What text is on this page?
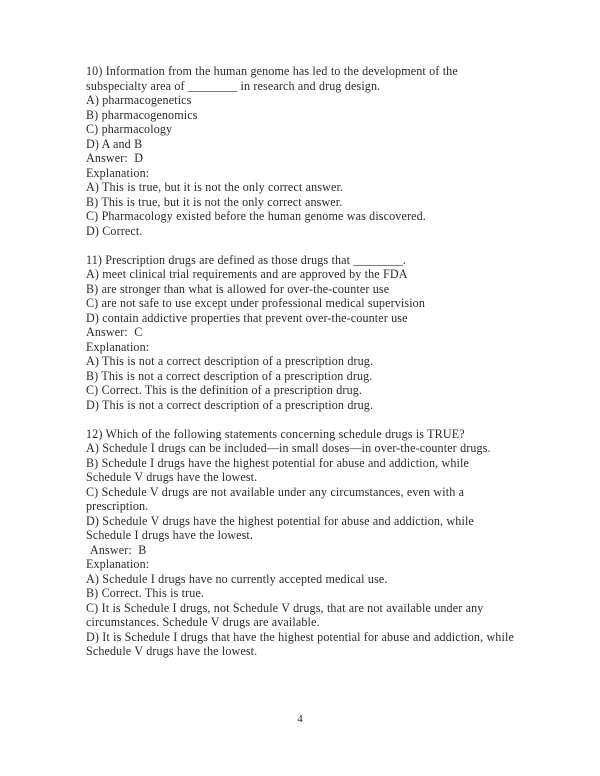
10) Information from the human genome has led to the development of the subspecialty area of ________ in research and drug design.

A) pharmacogenetics

B) pharmacogenomics

C) pharmacology

D) A and B

Answer:  D

Explanation:

A) This is true, but it is not the only correct answer.

B) This is true, but it is not the only correct answer.

C) Pharmacology existed before the human genome was discovered.

D) Correct.

11) Prescription drugs are defined as those drugs that ________.

A) meet clinical trial requirements and are approved by the FDA

B) are stronger than what is allowed for over-the-counter use

C) are not safe to use except under professional medical supervision

D) contain addictive properties that prevent over-the-counter use

Answer:  C

Explanation:

A) This is not a correct description of a prescription drug.

B) This is not a correct description of a prescription drug.

C) Correct. This is the definition of a prescription drug.

D) This is not a correct description of a prescription drug.

12) Which of the following statements concerning schedule drugs is TRUE?

A) Schedule I drugs can be included—in small doses—in over-the-counter drugs.

B) Schedule I drugs have the highest potential for abuse and addiction, while Schedule V drugs have the lowest.

C) Schedule V drugs are not available under any circumstances, even with a prescription.

D) Schedule V drugs have the highest potential for abuse and addiction, while Schedule I drugs have the lowest.

Answer:  B

Explanation:

A) Schedule I drugs have no currently accepted medical use.

B) Correct. This is true.

C) It is Schedule I drugs, not Schedule V drugs, that are not available under any circumstances. Schedule V drugs are available.

D) It is Schedule I drugs that have the highest potential for abuse and addiction, while Schedule V drugs have the lowest.

4
